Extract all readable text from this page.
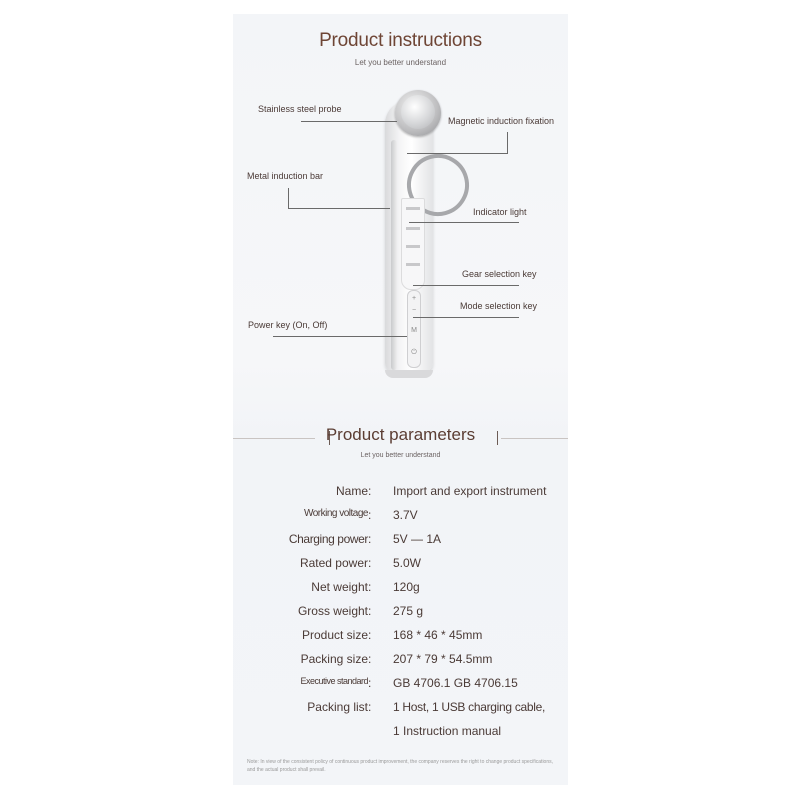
Product instructions
Let you better understand
+
−
M
⏻
Stainless steel probe
Magnetic induction fixation
Metal induction bar
Indicator light
Gear selection key
Mode selection key
Power key (On, Off)
Product parameters
Let you better understand
Name : Import and export instrument
Working voltage : 3.7V
Charging power : 5V — 1A
Rated power : 5.0W
Net weight : 120g
Gross weight : 275 g
Product size : 168 * 46 * 45mm
Packing size : 207 * 79 * 54.5mm
Executive standard : GB 4706.1 GB 4706.15
Packing list : 1 Host, 1 USB charging cable,
1 Instruction manual
Note: In view of the consistent policy of continuous product improvement, the company reserves the right to change product specifications, and the actual product shall prevail.
